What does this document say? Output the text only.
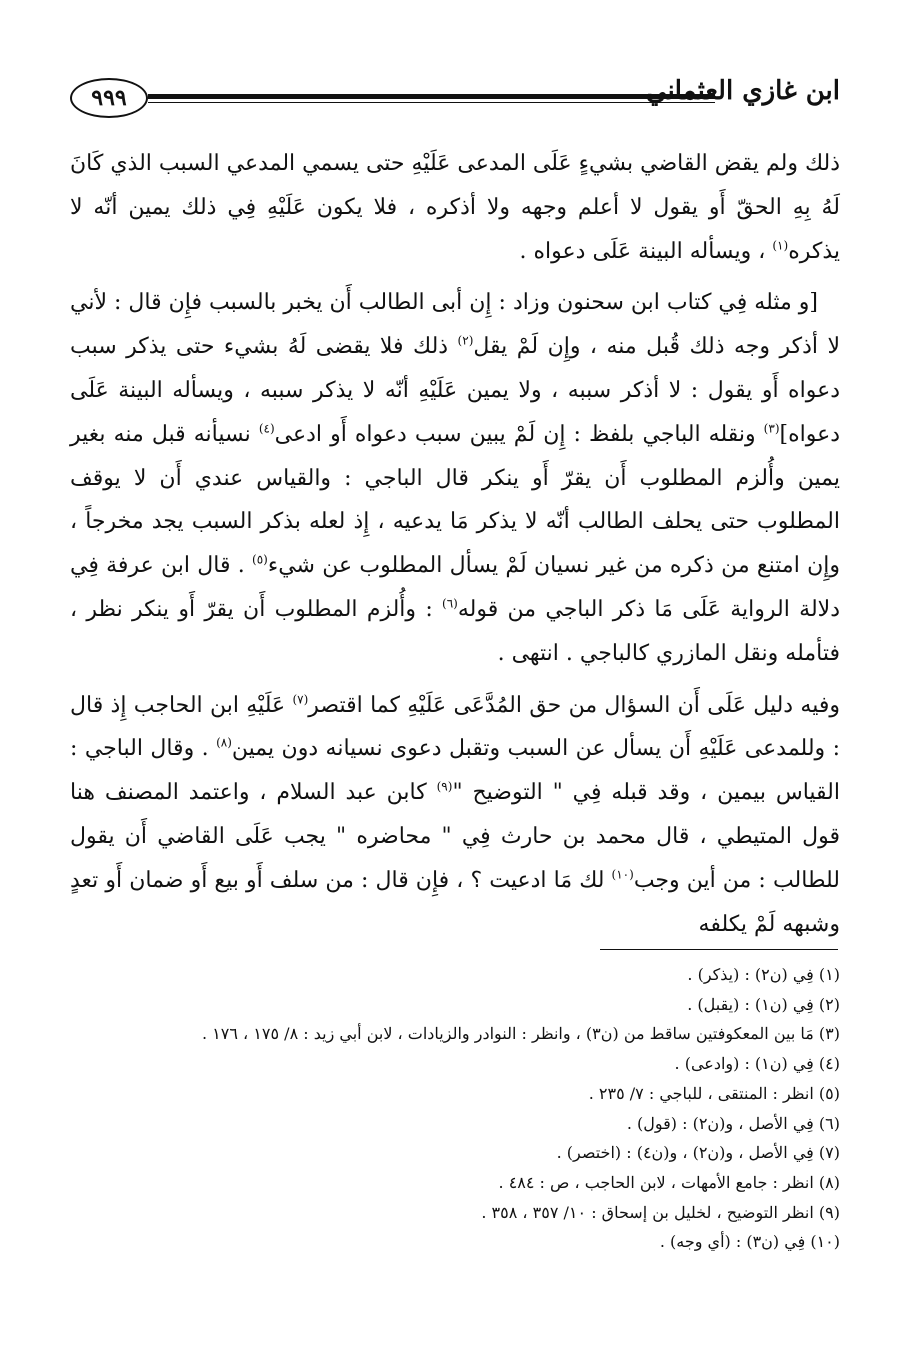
٩٩٩	ابن غازي العثماني

ذلك ولم يقض القاضي بشيءٍ عَلَى المدعى عَلَيْهِ حتى يسمي المدعي السبب الذي كَانَ لَهُ بِهِ الحقّ أَو يقول لا أعلم وجهه ولا أذكره ، فلا يكون عَلَيْهِ فِي ذلك يمين أنّه لا يذكره$^{(١)}$ ، ويسأله البينة عَلَى دعواه .

[و مثله فِي كتاب ابن سحنون وزاد : إِن أبى الطالب أَن يخبر بالسبب فإِن قال : لأني لا أذكر وجه ذلك قُبل منه ، وإِن لَمْ يقل$^{(٢)}$ ذلك فلا يقضى لَهُ بشيء حتى يذكر سبب دعواه أَو يقول : لا أذكر سببه ، ولا يمين عَلَيْهِ أنّه لا يذكر سببه ، ويسأله البينة عَلَى دعواه]$^{(٣)}$ ونقله الباجي بلفظ : إِن لَمْ يبين سبب دعواه أَو ادعى$^{(٤)}$ نسيأنه قبل منه بغير يمين وأُلزم المطلوب أَن يقرّ أَو ينكر قال الباجي : والقياس عندي أَن لا يوقف المطلوب حتى يحلف الطالب أنّه لا يذكر مَا يدعيه ، إِذ لعله بذكر السبب يجد مخرجاً ، وإِن امتنع من ذكره من غير نسيان لَمْ يسأل المطلوب عن شيء$^{(٥)}$ . قال ابن عرفة فِي دلالة الرواية عَلَى مَا ذكر الباجي من قوله$^{(٦)}$ : وأُلزم المطلوب أَن يقرّ أَو ينكر نظر ، فتأمله ونقل المازري كالباجي . انتهى .

وفيه دليل عَلَى أَن السؤال من حق المُدَّعَى عَلَيْهِ كما اقتصر$^{(٧)}$ عَلَيْهِ ابن الحاجب إِذ قال : وللمدعى عَلَيْهِ أَن يسأل عن السبب وتقبل دعوى نسيانه دون يمين$^{(٨)}$ . وقال الباجي : القياس بيمين ، وقد قبله فِي " التوضيح "$^{(٩)}$ كابن عبد السلام ، واعتمد المصنف هنا قول المتيطي ، قال محمد بن حارث فِي " محاضره " يجب عَلَى القاضي أَن يقول للطالب : من أين وجب$^{(١٠)}$ لك مَا ادعيت ؟ ، فإِن قال : من سلف أَو بيع أَو ضمان أَو تعدٍ وشبهه لَمْ يكلفه

(١) فِي (ن٢) : (يذكر) .
(٢) فِي (ن١) : (يقبل) .
(٣) مَا بين المعكوفتين ساقط من (ن٣) ، وانظر : النوادر والزيادات ، لابن أبي زيد : ٨/ ١٧٥ ، ١٧٦ .
(٤) فِي (ن١) : (وادعى) .
(٥) انظر : المنتقى ، للباجي : ٧/ ٢٣٥ .
(٦) فِي الأصل ، و(ن٢) : (قول) .
(٧) فِي الأصل ، و(ن٢) ، و(ن٤) : (اختصر) .
(٨) انظر : جامع الأمهات ، لابن الحاجب ، ص : ٤٨٤ .
(٩) انظر التوضيح ، لخليل بن إسحاق : ١٠/ ٣٥٧ ، ٣٥٨ .
(١٠) فِي (ن٣) : (أي وجه) .
